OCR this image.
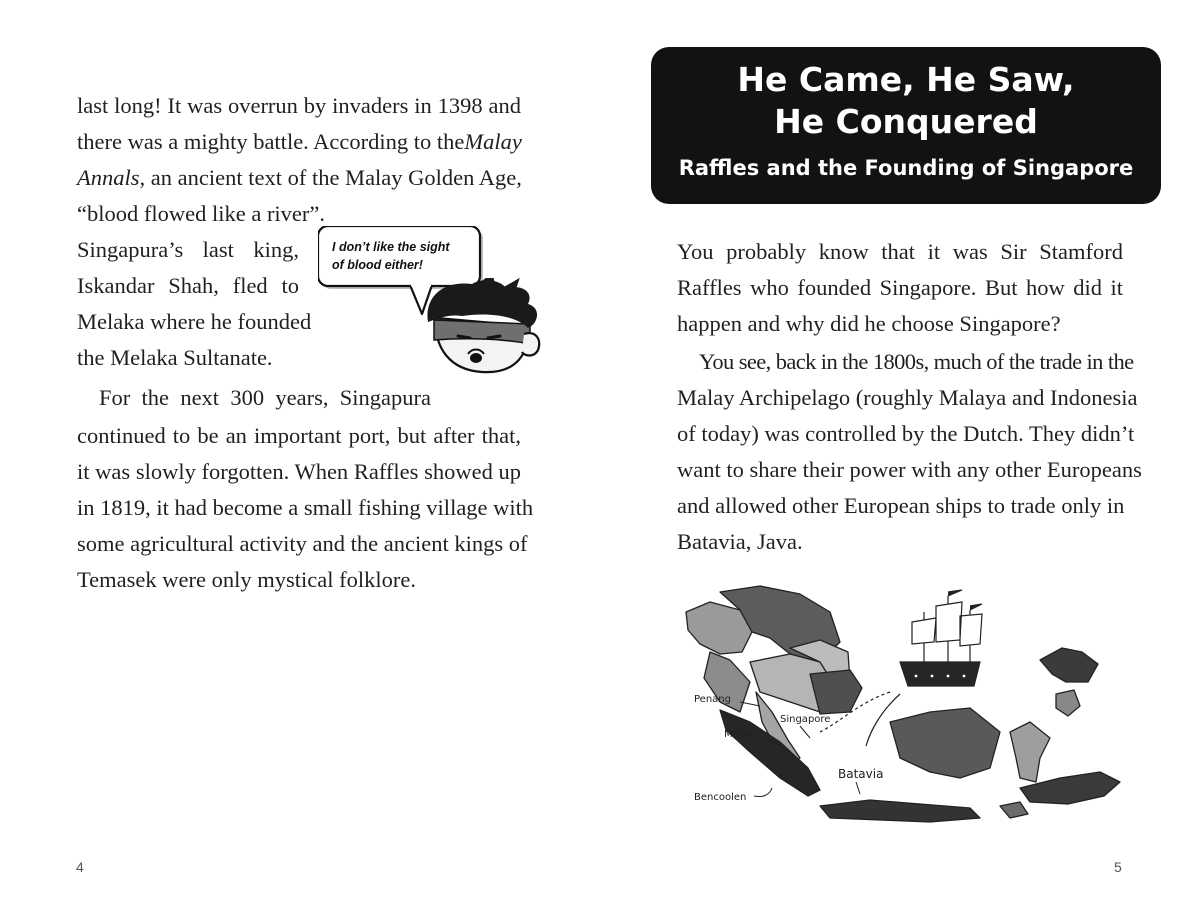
last long! It was overrun by invaders in 1398 and
there was a mighty battle. According to the Malay
Annals , an ancient text of the Malay Golden Age,
“blood flowed like a river”.
Singapura’s last king,
Iskandar Shah, fled to
Melaka where he founded
the Melaka Sultanate.
For the next 300 years, Singapura
continued to be an important port, but after that,
it was slowly forgotten. When Raffles showed up
in 1819, it had become a small fishing village with
some agricultural activity and the ancient kings of
Temasek were only mystical folklore.
I don’t like the sight
of blood either!
4
He Came, He Saw,
He Conquered
Raffles and the Founding of Singapore
You probably know that it was Sir Stamford
Raffles who founded Singapore. But how did it
happen and why did he choose Singapore?
You see, back in the 1800s, much of the trade in the
Malay Archipelago (roughly Malaya and Indonesia
of today) was controlled by the Dutch. They didn’t
want to share their power with any other Europeans
and allowed other European ships to trade only in
Batavia, Java.
Penang
Melaka
Singapore
Batavia
Bencoolen
5
